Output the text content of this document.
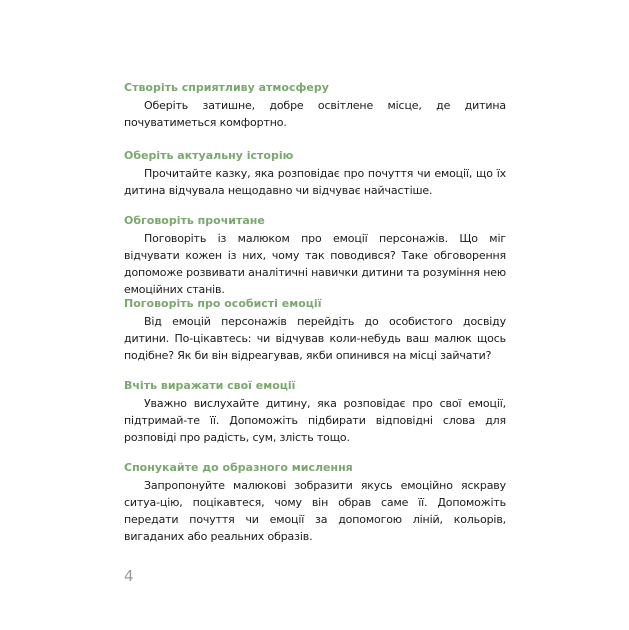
Створіть сприятливу атмосферу

Оберіть затишне, добре освітлене місце, де дитина почуватиметься комфортно.

Оберіть актуальну історію

Прочитайте казку, яка розповідає про почуття чи емоції, що їх дитина відчувала нещодавно чи відчуває найчастіше.

Обговоріть прочитане

Поговоріть із малюком про емоції персонажів. Що міг відчувати кожен із них, чому так поводився? Таке обговорення допоможе розвивати аналітичні навички дитини та розуміння нею емоційних станів.

Поговоріть про особисті емоції

Від емоцій персонажів перейдіть до особистого досвіду дитини. По-цікавтесь: чи відчував коли-небудь ваш малюк щось подібне? Як би він відреагував, якби опинився на місці зайчати?

Вчіть виражати свої емоції

Уважно вислухайте дитину, яка розповідає про свої емоції, підтримай-те її. Допоможіть підбирати відповідні слова для розповіді про радість, сум, злість тощо.

Спонукайте до образного мислення

Запропонуйте малюкові зобразити якусь емоційно яскраву ситуа-цію, поцікавтеся, чому він обрав саме її. Допоможіть передати почуття чи емоції за допомогою ліній, кольорів, вигаданих або реальних образів.

4
